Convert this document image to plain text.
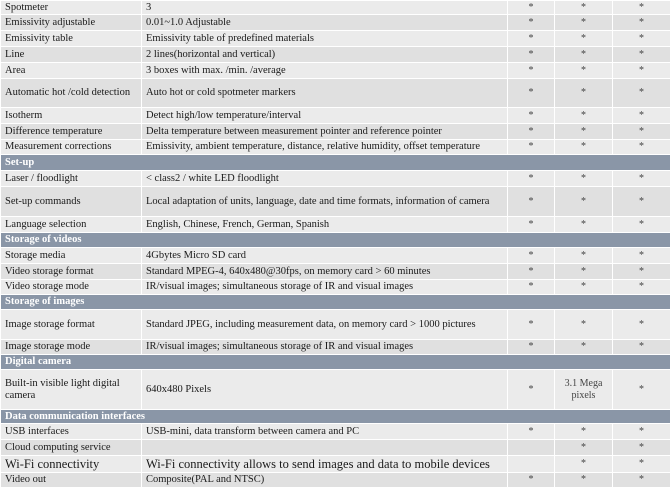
Spotmeter	3	*	*	*
Emissivity adjustable	0.01~1.0 Adjustable	*	*	*
Emissivity table	Emissivity table of predefined materials	*	*	*
Line	2 lines(horizontal and vertical)	*	*	*
Area	3 boxes with max. /min. /average	*	*	*
Automatic hot /cold detection	Auto hot or cold spotmeter markers	*	*	*
Isotherm	Detect high/low temperature/interval	*	*	*
Difference temperature	Delta temperature between measurement pointer and reference pointer	*	*	*
Measurement corrections	Emissivity, ambient temperature, distance, relative humidity, offset temperature	*	*	*
Set-up				
Laser / floodlight	< class2 / white LED floodlight	*	*	*
Set-up commands	Local adaptation of units, language, date and time formats, information of camera	*	*	*
Language selection	English, Chinese, French, German, Spanish	*	*	*
Storage of videos				
Storage media	4Gbytes Micro SD card	*	*	*
Video storage format	Standard MPEG-4, 640x480@30fps, on memory card > 60 minutes	*	*	*
Video storage mode	IR/visual images; simultaneous storage of IR and visual images	*	*	*
Storage of images				
Image storage format	Standard JPEG, including measurement data, on memory card > 1000 pictures	*	*	*
Image storage mode	IR/visual images; simultaneous storage of IR and visual images	*	*	*
Digital camera				
Built-in visible light digital camera	640x480 Pixels	*	3.1 Mega pixels	*
Data communication interfaces				
USB interfaces	USB-mini, data transform between camera and PC	*	*	*
Cloud computing service			*	*
Wi-Fi connectivity	Wi-Fi connectivity allows to send images and data to mobile devices		*	*
Video out	Composite(PAL and NTSC)	*	*	*
